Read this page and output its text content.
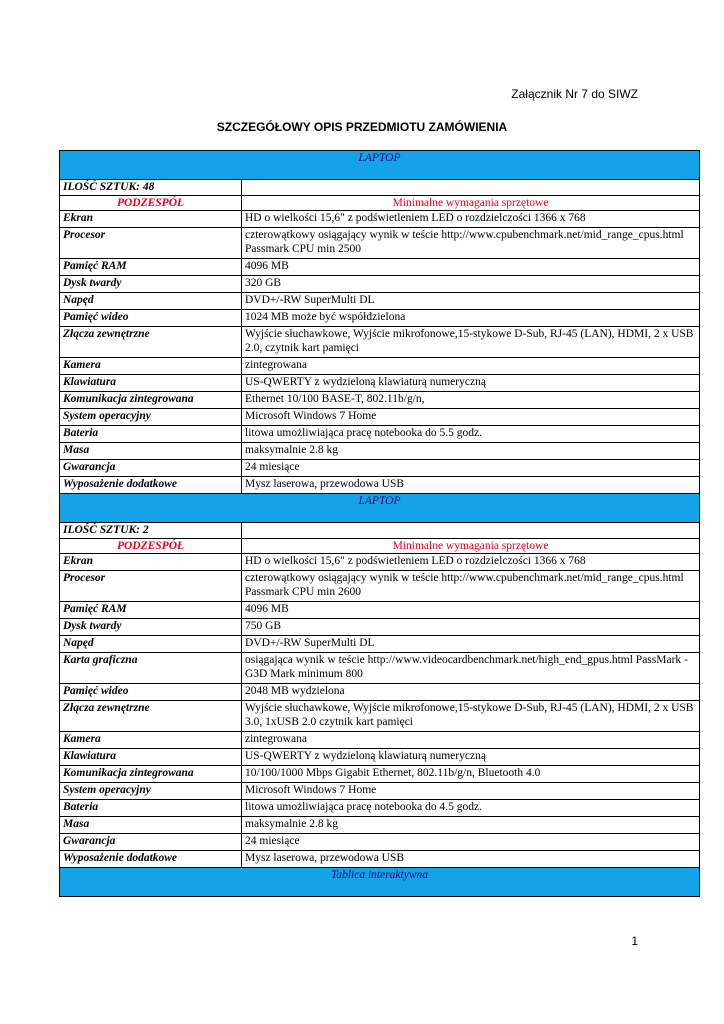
Załącznik Nr 7 do SIWZ
SZCZEGÓŁOWY OPIS PRZEDMIOTU ZAMÓWIENIA
LAPTOP	
ILOŚĆ SZTUK: 48	
PODZESPÓŁ	Minimalne wymagania sprzętowe
Ekran	HD o wielkości 15,6" z podświetleniem LED o rozdzielczości 1366 x 768
Procesor	czterowątkowy osiągający wynik w teście http://www.cpubenchmark.net/mid_range_cpus.html Passmark CPU min 2500
Pamięć RAM	4096 MB
Dysk twardy	320 GB
Napęd	DVD+/-RW SuperMulti DL
Pamięć wideo	1024 MB może być współdzielona
Złącza zewnętrzne	Wyjście słuchawkowe, Wyjście mikrofonowe,15-stykowe D-Sub, RJ-45 (LAN), HDMI, 2 x USB 2.0, czytnik kart pamięci
Kamera	zintegrowana
Klawiatura	US-QWERTY z wydzieloną klawiaturą numeryczną
Komunikacja zintegrowana	Ethernet 10/100 BASE-T, 802.11b/g/n,
System operacyjny	Microsoft Windows 7 Home
Bateria	litowa umożliwiająca pracę notebooka do 5.5 godz.
Masa	maksymalnie 2.8 kg
Gwarancja	24 miesiące
Wyposażenie dodatkowe	Mysz laserowa, przewodowa USB
LAPTOP	
ILOŚĆ SZTUK: 2	
PODZESPÓŁ	Minimalne wymagania sprzętowe
Ekran	HD o wielkości 15,6" z podświetleniem LED o rozdzielczości 1366 x 768
Procesor	czterowątkowy osiągający wynik w teście http://www.cpubenchmark.net/mid_range_cpus.html Passmark CPU min 2600
Pamięć RAM	4096 MB
Dysk twardy	750 GB
Napęd	DVD+/-RW SuperMulti DL
Karta graficzna	osiągająca wynik w teście http://www.videocardbenchmark.net/high_end_gpus.html PassMark - G3D Mark minimum 800
Pamięć wideo	2048 MB wydzielona
Złącza zewnętrzne	Wyjście słuchawkowe, Wyjście mikrofonowe,15-stykowe D-Sub, RJ-45 (LAN), HDMI, 2 x USB 3.0, 1xUSB 2.0 czytnik kart pamięci
Kamera	zintegrowana
Klawiatura	US-QWERTY z wydzieloną klawiaturą numeryczną
Komunikacja zintegrowana	10/100/1000 Mbps Gigabit Ethernet, 802.11b/g/n, Bluetooth 4.0
System operacyjny	Microsoft Windows 7 Home
Bateria	litowa umożliwiająca pracę notebooka do 4.5 godz.
Masa	maksymalnie 2.8 kg
Gwarancja	24 miesiące
Wyposażenie dodatkowe	Mysz laserowa, przewodowa USB
Tablica interaktywna	
1
